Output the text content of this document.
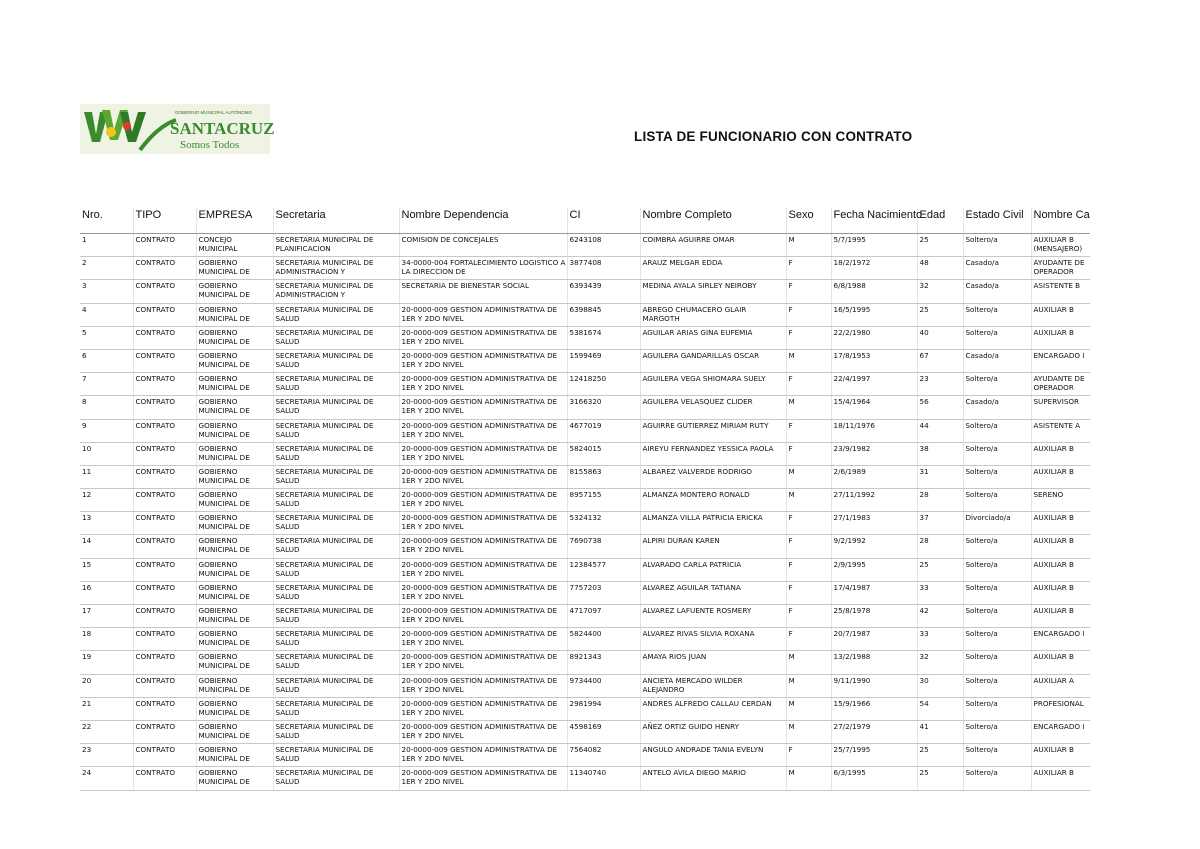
GOBIERNO MUNICIPAL AUTÓNOMO
SANTACRUZ
Somos Todos
LISTA DE FUNCIONARIO CON CONTRATO
Nro.	TIPO	EMPRESA	Secretaria	Nombre Dependencia	CI	Nombre Completo	Sexo	Fecha Nacimiento	Edad	Estado Civil	Nombre Ca

1	CONTRATO	CONCEJO MUNICIPAL	SECRETARIA MUNICIPAL DE PLANIFICACION	COMISION DE CONCEJALES	6243108	COIMBRA AGUIRRE OMAR	M	5/7/1995	25	Soltero/a	AUXILIAR B (MENSAJERO)

2	CONTRATO	GOBIERNO MUNICIPAL DE	SECRETARIA MUNICIPAL DE ADMINISTRACION Y	34-0000-004 FORTALECIMIENTO LOGISTICO A LA DIRECCION DE	3877408	ARAUZ MELGAR EDDA	F	18/2/1972	48	Casado/a	AYUDANTE DE OPERADOR

3	CONTRATO	GOBIERNO MUNICIPAL DE	SECRETARIA MUNICIPAL DE ADMINISTRACION Y	SECRETARIA DE BIENESTAR SOCIAL	6393439	MEDINA AYALA SIRLEY NEIROBY	F	6/8/1988	32	Casado/a	ASISTENTE B

4	CONTRATO	GOBIERNO MUNICIPAL DE	SECRETARIA MUNICIPAL DE SALUD	20-0000-009 GESTION ADMINISTRATIVA DE 1ER Y 2DO NIVEL	6398845	ABREGO CHUMACERO GLAIR MARGOTH	F	16/5/1995	25	Soltero/a	AUXILIAR B

5	CONTRATO	GOBIERNO MUNICIPAL DE	SECRETARIA MUNICIPAL DE SALUD	20-0000-009 GESTION ADMINISTRATIVA DE 1ER Y 2DO NIVEL	5381674	AGUILAR ARIAS GINA EUFEMIA	F	22/2/1980	40	Soltero/a	AUXILIAR B

6	CONTRATO	GOBIERNO MUNICIPAL DE	SECRETARIA MUNICIPAL DE SALUD	20-0000-009 GESTION ADMINISTRATIVA DE 1ER Y 2DO NIVEL	1599469	AGUILERA GANDARILLAS OSCAR	M	17/8/1953	67	Casado/a	ENCARGADO I

7	CONTRATO	GOBIERNO MUNICIPAL DE	SECRETARIA MUNICIPAL DE SALUD	20-0000-009 GESTION ADMINISTRATIVA DE 1ER Y 2DO NIVEL	12418250	AGUILERA VEGA SHIOMARA SUELY	F	22/4/1997	23	Soltero/a	AYUDANTE DE OPERADOR

8	CONTRATO	GOBIERNO MUNICIPAL DE	SECRETARIA MUNICIPAL DE SALUD	20-0000-009 GESTION ADMINISTRATIVA DE 1ER Y 2DO NIVEL	3166320	AGUILERA VELASQUEZ CLIDER	M	15/4/1964	56	Casado/a	SUPERVISOR

9	CONTRATO	GOBIERNO MUNICIPAL DE	SECRETARIA MUNICIPAL DE SALUD	20-0000-009 GESTION ADMINISTRATIVA DE 1ER Y 2DO NIVEL	4677019	AGUIRRE GUTIERREZ MIRIAM RUTY	F	18/11/1976	44	Soltero/a	ASISTENTE A

10	CONTRATO	GOBIERNO MUNICIPAL DE	SECRETARIA MUNICIPAL DE SALUD	20-0000-009 GESTION ADMINISTRATIVA DE 1ER Y 2DO NIVEL	5824015	AIREYU FERNANDEZ YESSICA PAOLA	F	23/9/1982	38	Soltero/a	AUXILIAR B

11	CONTRATO	GOBIERNO MUNICIPAL DE	SECRETARIA MUNICIPAL DE SALUD	20-0000-009 GESTION ADMINISTRATIVA DE 1ER Y 2DO NIVEL	8155863	ALBAREZ VALVERDE RODRIGO	M	2/6/1989	31	Soltero/a	AUXILIAR B

12	CONTRATO	GOBIERNO MUNICIPAL DE	SECRETARIA MUNICIPAL DE SALUD	20-0000-009 GESTION ADMINISTRATIVA DE 1ER Y 2DO NIVEL	8957155	ALMANZA MONTERO RONALD	M	27/11/1992	28	Soltero/a	SERENO

13	CONTRATO	GOBIERNO MUNICIPAL DE	SECRETARIA MUNICIPAL DE SALUD	20-0000-009 GESTION ADMINISTRATIVA DE 1ER Y 2DO NIVEL	5324132	ALMANZA VILLA PATRICIA ERICKA	F	27/1/1983	37	Divorciado/a	AUXILIAR B

14	CONTRATO	GOBIERNO MUNICIPAL DE	SECRETARIA MUNICIPAL DE SALUD	20-0000-009 GESTION ADMINISTRATIVA DE 1ER Y 2DO NIVEL	7690738	ALPIRI DURAN KAREN	F	9/2/1992	28	Soltero/a	AUXILIAR B

15	CONTRATO	GOBIERNO MUNICIPAL DE	SECRETARIA MUNICIPAL DE SALUD	20-0000-009 GESTION ADMINISTRATIVA DE 1ER Y 2DO NIVEL	12384577	ALVARADO CARLA PATRICIA	F	2/9/1995	25	Soltero/a	AUXILIAR B

16	CONTRATO	GOBIERNO MUNICIPAL DE	SECRETARIA MUNICIPAL DE SALUD	20-0000-009 GESTION ADMINISTRATIVA DE 1ER Y 2DO NIVEL	7757203	ALVAREZ AGUILAR TATIANA	F	17/4/1987	33	Soltero/a	AUXILIAR B

17	CONTRATO	GOBIERNO MUNICIPAL DE	SECRETARIA MUNICIPAL DE SALUD	20-0000-009 GESTION ADMINISTRATIVA DE 1ER Y 2DO NIVEL	4717097	ALVAREZ LAFUENTE ROSMERY	F	25/8/1978	42	Soltero/a	AUXILIAR B

18	CONTRATO	GOBIERNO MUNICIPAL DE	SECRETARIA MUNICIPAL DE SALUD	20-0000-009 GESTION ADMINISTRATIVA DE 1ER Y 2DO NIVEL	5824400	ALVAREZ RIVAS SILVIA ROXANA	F	20/7/1987	33	Soltero/a	ENCARGADO I

19	CONTRATO	GOBIERNO MUNICIPAL DE	SECRETARIA MUNICIPAL DE SALUD	20-0000-009 GESTION ADMINISTRATIVA DE 1ER Y 2DO NIVEL	8921343	AMAYA RIOS JUAN	M	13/2/1988	32	Soltero/a	AUXILIAR B

20	CONTRATO	GOBIERNO MUNICIPAL DE	SECRETARIA MUNICIPAL DE SALUD	20-0000-009 GESTION ADMINISTRATIVA DE 1ER Y 2DO NIVEL	9734400	ANCIETA MERCADO WILDER ALEJANDRO	M	9/11/1990	30	Soltero/a	AUXILIAR A

21	CONTRATO	GOBIERNO MUNICIPAL DE	SECRETARIA MUNICIPAL DE SALUD	20-0000-009 GESTION ADMINISTRATIVA DE 1ER Y 2DO NIVEL	2981994	ANDRES ALFREDO CALLAU CERDAN	M	15/9/1966	54	Soltero/a	PROFESIONAL

22	CONTRATO	GOBIERNO MUNICIPAL DE	SECRETARIA MUNICIPAL DE SALUD	20-0000-009 GESTION ADMINISTRATIVA DE 1ER Y 2DO NIVEL	4598169	AÑEZ ORTIZ GUIDO HENRY	M	27/2/1979	41	Soltero/a	ENCARGADO I

23	CONTRATO	GOBIERNO MUNICIPAL DE	SECRETARIA MUNICIPAL DE SALUD	20-0000-009 GESTION ADMINISTRATIVA DE 1ER Y 2DO NIVEL	7564082	ANGULO ANDRADE TANIA EVELYN	F	25/7/1995	25	Soltero/a	AUXILIAR B

24	CONTRATO	GOBIERNO MUNICIPAL DE	SECRETARIA MUNICIPAL DE SALUD	20-0000-009 GESTION ADMINISTRATIVA DE 1ER Y 2DO NIVEL	11340740	ANTELO AVILA DIEGO MARIO	M	6/3/1995	25	Soltero/a	AUXILIAR B
